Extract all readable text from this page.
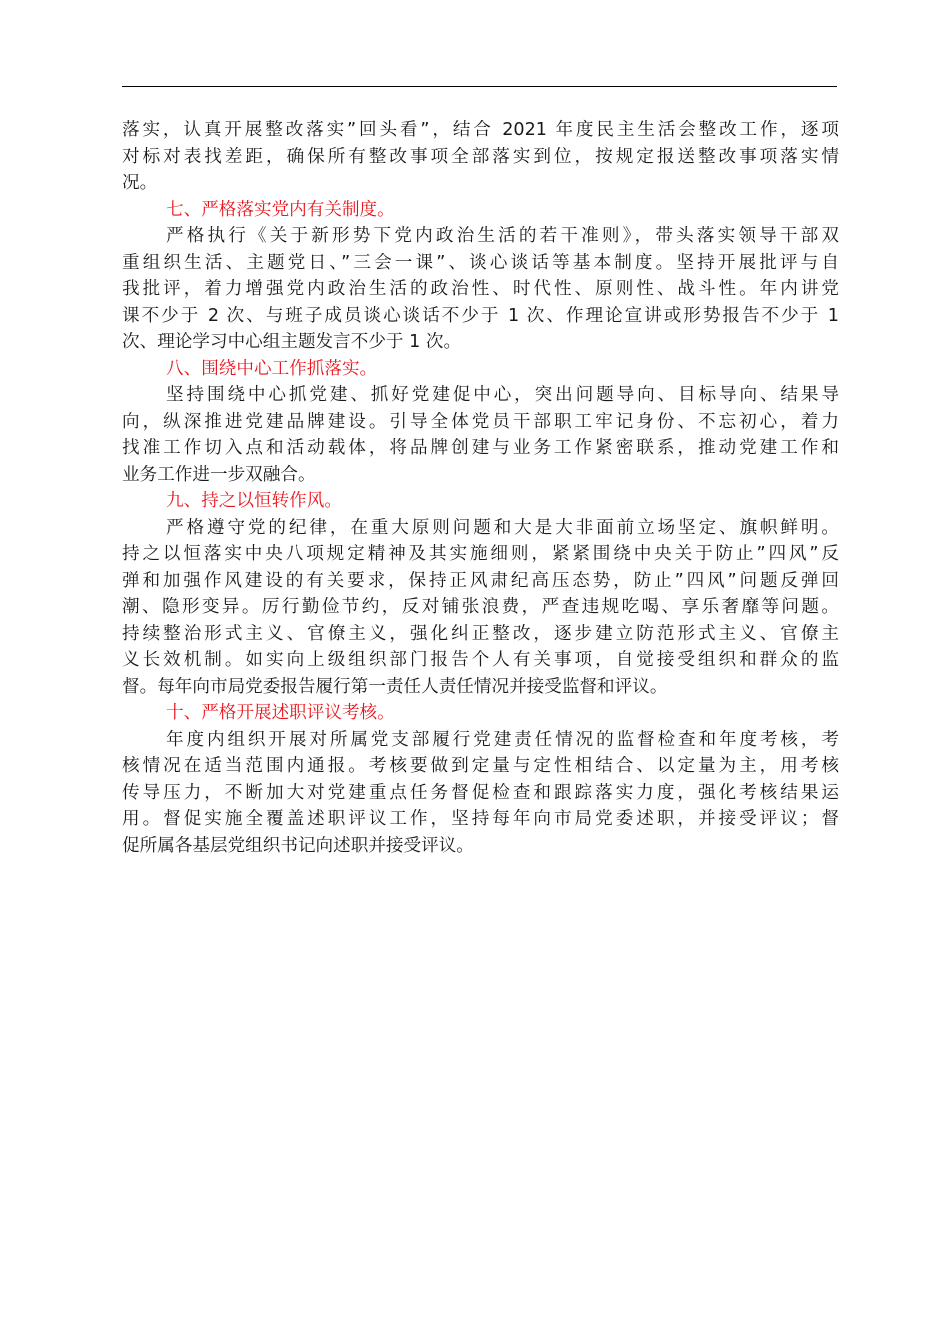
落实，认真开展整改落实”回头看”，结合 2021 年度民主生活会整改工作，逐项
对标对表找差距，确保所有整改事项全部落实到位，按规定报送整改事项落实情
况。
七、严格落实党内有关制度。
严格执行《关于新形势下党内政治生活的若干准则》，带头落实领导干部双
重组织生活、主题党日、”三会一课”、谈心谈话等基本制度。坚持开展批评与自
我批评，着力增强党内政治生活的政治性、时代性、原则性、战斗性。年内讲党
课不少于 2 次、与班子成员谈心谈话不少于 1 次、作理论宣讲或形势报告不少于 1
次、理论学习中心组主题发言不少于 1 次。
八、围绕中心工作抓落实。
坚持围绕中心抓党建、抓好党建促中心，突出问题导向、目标导向、结果导
向，纵深推进党建品牌建设。引导全体党员干部职工牢记身份、不忘初心，着力
找准工作切入点和活动载体，将品牌创建与业务工作紧密联系，推动党建工作和
业务工作进一步双融合。
九、持之以恒转作风。
严格遵守党的纪律，在重大原则问题和大是大非面前立场坚定、旗帜鲜明。
持之以恒落实中央八项规定精神及其实施细则，紧紧围绕中央关于防止”四风”反
弹和加强作风建设的有关要求，保持正风肃纪高压态势，防止”四风”问题反弹回
潮、隐形变异。厉行勤俭节约，反对铺张浪费，严查违规吃喝、享乐奢靡等问题。
持续整治形式主义、官僚主义，强化纠正整改，逐步建立防范形式主义、官僚主
义长效机制。如实向上级组织部门报告个人有关事项，自觉接受组织和群众的监
督。每年向市局党委报告履行第一责任人责任情况并接受监督和评议。
十、严格开展述职评议考核。
年度内组织开展对所属党支部履行党建责任情况的监督检查和年度考核，考
核情况在适当范围内通报。考核要做到定量与定性相结合、以定量为主，用考核
传导压力，不断加大对党建重点任务督促检查和跟踪落实力度，强化考核结果运
用。督促实施全覆盖述职评议工作，坚持每年向市局党委述职，并接受评议；督
促所属各基层党组织书记向述职并接受评议。
